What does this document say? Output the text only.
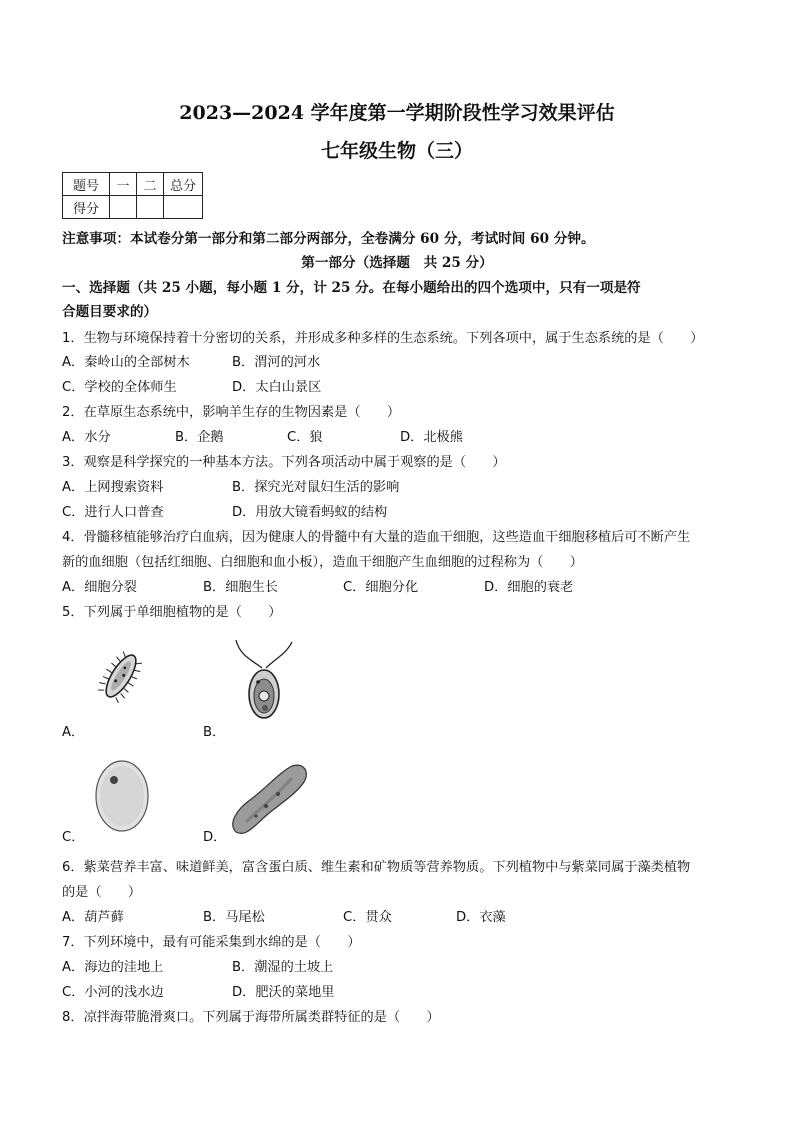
2023—2024 学年度第一学期阶段性学习效果评估
七年级生物（三）
题号	一	二	总分
得分			
注意事项：本试卷分第一部分和第二部分两部分，全卷满分 60 分，考试时间 60 分钟。
第一部分（选择题　共 25 分）
一、选择题（共 25 小题，每小题 1 分，计 25 分。在每小题给出的四个选项中，只有一项是符
合题目要求的）
1．生物与环境保持着十分密切的关系，并形成多种多样的生态系统。下列各项中，属于生态系统的是（　　）
A．秦岭山的全部树木	B．渭河的河水
C．学校的全体师生	D．太白山景区
2．在草原生态系统中，影响羊生存的生物因素是（　　）
A．水分	B．企鹅	C．狼	D．北极熊
3．观察是科学探究的一种基本方法。下列各项活动中属于观察的是（　　）
A．上网搜索资料	B．探究光对鼠妇生活的影响
C．进行人口普查	D．用放大镜看蚂蚁的结构
4．骨髓移植能够治疗白血病，因为健康人的骨髓中有大量的造血干细胞，这些造血干细胞移植后可不断产生
新的血细胞（包括红细胞、白细胞和血小板），造血干细胞产生血细胞的过程称为（　　）
A．细胞分裂	B．细胞生长	C．细胞分化	D．细胞的衰老
5．下列属于单细胞植物的是（　　）
A．	B．
C．	D．
6．紫菜营养丰富、味道鲜美，富含蛋白质、维生素和矿物质等营养物质。下列植物中与紫菜同属于藻类植物
的是（　　）
A．葫芦藓	B．马尾松	C．贯众	D．衣藻
7．下列环境中，最有可能采集到水绵的是（　　）
A．海边的洼地上	B．潮湿的土坡上
C．小河的浅水边	D．肥沃的菜地里
8．凉拌海带脆滑爽口。下列属于海带所属类群特征的是（　　）
